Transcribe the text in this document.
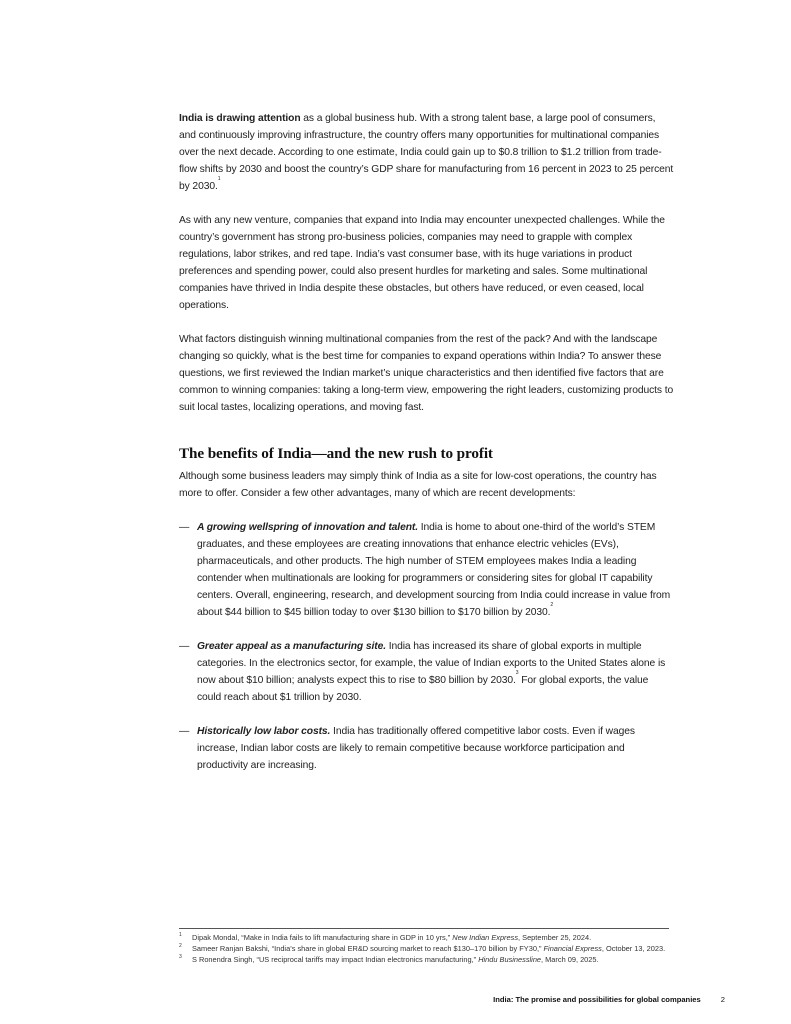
India is drawing attention as a global business hub. With a strong talent base, a large pool of consumers, and continuously improving infrastructure, the country offers many opportunities for multinational companies over the next decade. According to one estimate, India could gain up to $0.8 trillion to $1.2 trillion from trade-flow shifts by 2030 and boost the country’s GDP share for manufacturing from 16 percent in 2023 to 25 percent by 2030.$^1$

As with any new venture, companies that expand into India may encounter unexpected challenges. While the country’s government has strong pro-business policies, companies may need to grapple with complex regulations, labor strikes, and red tape. India’s vast consumer base, with its huge variations in product preferences and spending power, could also present hurdles for marketing and sales. Some multinational companies have thrived in India despite these obstacles, but others have reduced, or even ceased, local operations.

What factors distinguish winning multinational companies from the rest of the pack? And with the landscape changing so quickly, what is the best time for companies to expand operations within India? To answer these questions, we first reviewed the Indian market’s unique characteristics and then identified five factors that are common to winning companies: taking a long-term view, empowering the right leaders, customizing products to suit local tastes, localizing operations, and moving fast.

The benefits of India—and the new rush to profit

Although some business leaders may simply think of India as a site for low-cost operations, the country has more to offer. Consider a few other advantages, many of which are recent developments:

— A growing wellspring of innovation and talent. India is home to about one-third of the world’s STEM graduates, and these employees are creating innovations that enhance electric vehicles (EVs), pharmaceuticals, and other products. The high number of STEM employees makes India a leading contender when multinationals are looking for programmers or considering sites for global IT capability centers. Overall, engineering, research, and development sourcing from India could increase in value from about $44 billion to $45 billion today to over $130 billion to $170 billion by 2030.$^2$
— Greater appeal as a manufacturing site. India has increased its share of global exports in multiple categories. In the electronics sector, for example, the value of Indian exports to the United States alone is now about $10 billion; analysts expect this to rise to $80 billion by 2030.$^3$ For global exports, the value could reach about $1 trillion by 2030.
— Historically low labor costs. India has traditionally offered competitive labor costs. Even if wages increase, Indian labor costs are likely to remain competitive because workforce participation and productivity are increasing.
1 Dipak Mondal, “Make in India fails to lift manufacturing share in GDP in 10 yrs,” New Indian Express, September 25, 2024.
2 Sameer Ranjan Bakshi, “India’s share in global ER&D sourcing market to reach $130–170 billion by FY30,” Financial Express, October 13, 2023.
3 S Ronendra Singh, “US reciprocal tariffs may impact Indian electronics manufacturing,” Hindu Businessline, March 09, 2025.
India: The promise and possibilities for global companies	2
